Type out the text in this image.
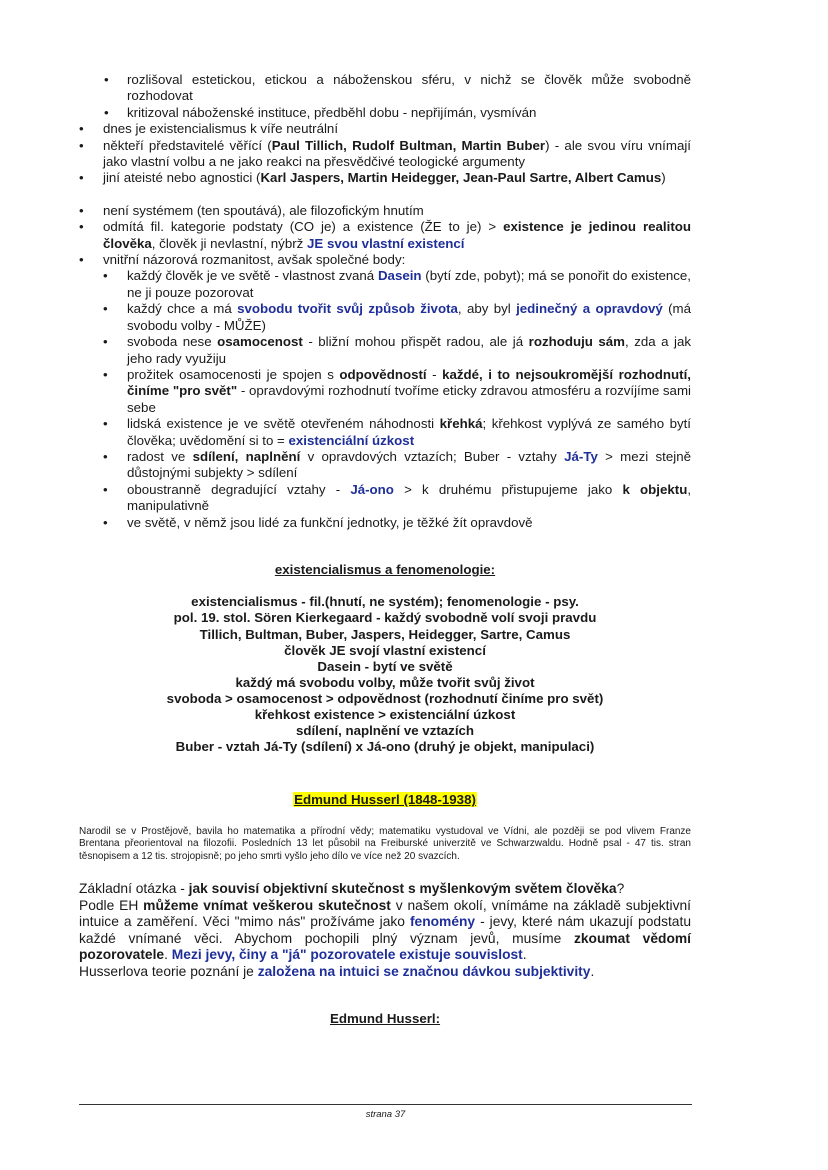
• rozlišoval estetickou, etickou a náboženskou sféru, v nichž se člověk může svobodně rozhodovat
• kritizoval náboženské instituce, předběhl dobu - nepřijímán, vysmíván
• dnes je existencialismus k víře neutrální
• někteří představitelé věřící (Paul Tillich, Rudolf Bultman, Martin Buber) - ale svou víru vnímají jako vlastní volbu a ne jako reakci na přesvědčivé teologické argumenty
• jiní ateisté nebo agnostici (Karl Jaspers, Martin Heidegger, Jean-Paul Sartre, Albert Camus)
• není systémem (ten spoutává), ale filozofickým hnutím
• odmítá fil. kategorie podstaty (CO je) a existence (ŽE to je) > existence je jedinou realitou člověka, člověk ji nevlastní, nýbrž JE svou vlastní existencí
• vnitřní názorová rozmanitost, avšak společné body:
• každý člověk je ve světě - vlastnost zvaná Dasein (bytí zde, pobyt); má se ponořit do existence, ne ji pouze pozorovat
• každý chce a má svobodu tvořit svůj způsob života, aby byl jedinečný a opravdový (má svobodu volby - MŮŽE)
• svoboda nese osamocenost - bližní mohou přispět radou, ale já rozhoduju sám, zda a jak jeho rady využiju
• prožitek osamocenosti je spojen s odpovědností - každé, i to nejsoukromější rozhodnutí, činíme "pro svět" - opravdovými rozhodnutí tvoříme eticky zdravou atmosféru a rozvíjíme sami sebe
• lidská existence je ve světě otevřeném náhodnosti křehká; křehkost vyplývá ze samého bytí člověka; uvědomění si to = existenciální úzkost
• radost ve sdílení, naplnění v opravdových vztazích; Buber - vztahy Já-Ty > mezi stejně důstojnými subjekty > sdílení
• oboustranně degradující vztahy - Já-ono > k druhému přistupujeme jako k objektu, manipulativně
• ve světě, v němž jsou lidé za funkční jednotky, je těžké žít opravdově
existencialismus a fenomenologie:
existencialismus - fil.(hnutí, ne systém); fenomenologie - psy.
pol. 19. stol. Sören Kierkegaard - každý svobodně volí svoji pravdu
Tillich, Bultman, Buber, Jaspers, Heidegger, Sartre, Camus
člověk JE svojí vlastní existencí
Dasein - bytí ve světě
každý má svobodu volby, může tvořit svůj život
svoboda > osamocenost > odpovědnost (rozhodnutí činíme pro svět)
křehkost existence > existenciální úzkost
sdílení, naplnění ve vztazích
Buber - vztah Já-Ty (sdílení) x Já-ono (druhý je objekt, manipulaci)
Edmund Husserl (1848-1938)
Narodil se v Prostějově, bavila ho matematika a přírodní vědy; matematiku vystudoval ve Vídni, ale později se pod vlivem Franze Brentana přeorientoval na filozofii. Posledních 13 let působil na Freiburské univerzitě ve Schwarzwaldu. Hodně psal - 47 tis. stran těsnopisem a 12 tis. strojopisně; po jeho smrti vyšlo jeho dílo ve více než 20 svazcích.
Základní otázka - jak souvisí objektivní skutečnost s myšlenkovým světem člověka?
Podle EH můžeme vnímat veškerou skutečnost v našem okolí, vnímáme na základě subjektivní intuice a zaměření. Věci "mimo nás" prožíváme jako fenomény - jevy, které nám ukazují podstatu každé vnímané věci. Abychom pochopili plný význam jevů, musíme zkoumat vědomí pozorovatele. Mezi jevy, činy a "já" pozorovatele existuje souvislost.
Husserlova teorie poznání je založena na intuici se značnou dávkou subjektivity.
Edmund Husserl:
strana 37
